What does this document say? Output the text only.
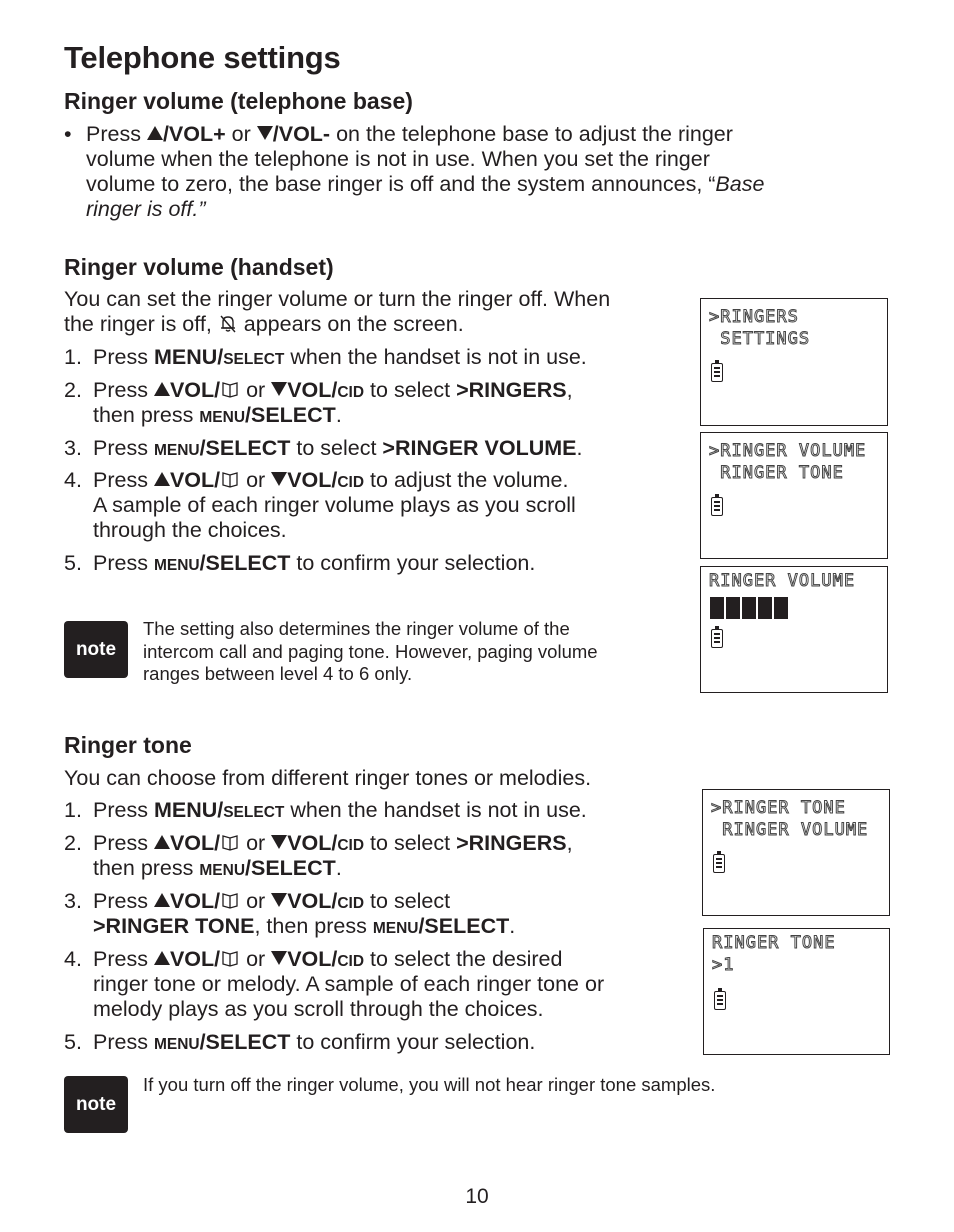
Telephone settings
Ringer volume (telephone base)
• Press /VOL+ or /VOL- on the telephone base to adjust the ringer
volume when the telephone is not in use. When you set the ringer
volume to zero, the base ringer is off and the system announces, “Base
ringer is off.”
Ringer volume (handset)
You can set the ringer volume or turn the ringer off. When
the ringer is off,  appears on the screen.
1. Press MENU/SELECT when the handset is not in use.
2. Press VOL/ or VOL/CID to select >RINGERS,
then press MENU/SELECT.
3. Press MENU/SELECT to select >RINGER VOLUME.
4. Press VOL/ or VOL/CID to adjust the volume.
A sample of each ringer volume plays as you scroll
through the choices.
5. Press MENU/SELECT to confirm your selection.
note
The setting also determines the ringer volume of the
intercom call and paging tone. However, paging volume
ranges between level 4 to 6 only.
Ringer tone
You can choose from different ringer tones or melodies.
1. Press MENU/SELECT when the handset is not in use.
2. Press VOL/ or VOL/CID to select >RINGERS,
then press MENU/SELECT.
3. Press VOL/ or VOL/CID to select
>RINGER TONE, then press MENU/SELECT.
4. Press VOL/ or VOL/CID to select the desired
ringer tone or melody. A sample of each ringer tone or
melody plays as you scroll through the choices.
5. Press MENU/SELECT to confirm your selection.
note
If you turn off the ringer volume, you will not hear ringer tone samples.
>RINGERS
SETTINGS
>RINGER VOLUME
RINGER TONE
RINGER VOLUME
>RINGER TONE
RINGER VOLUME
RINGER TONE
>1
10
